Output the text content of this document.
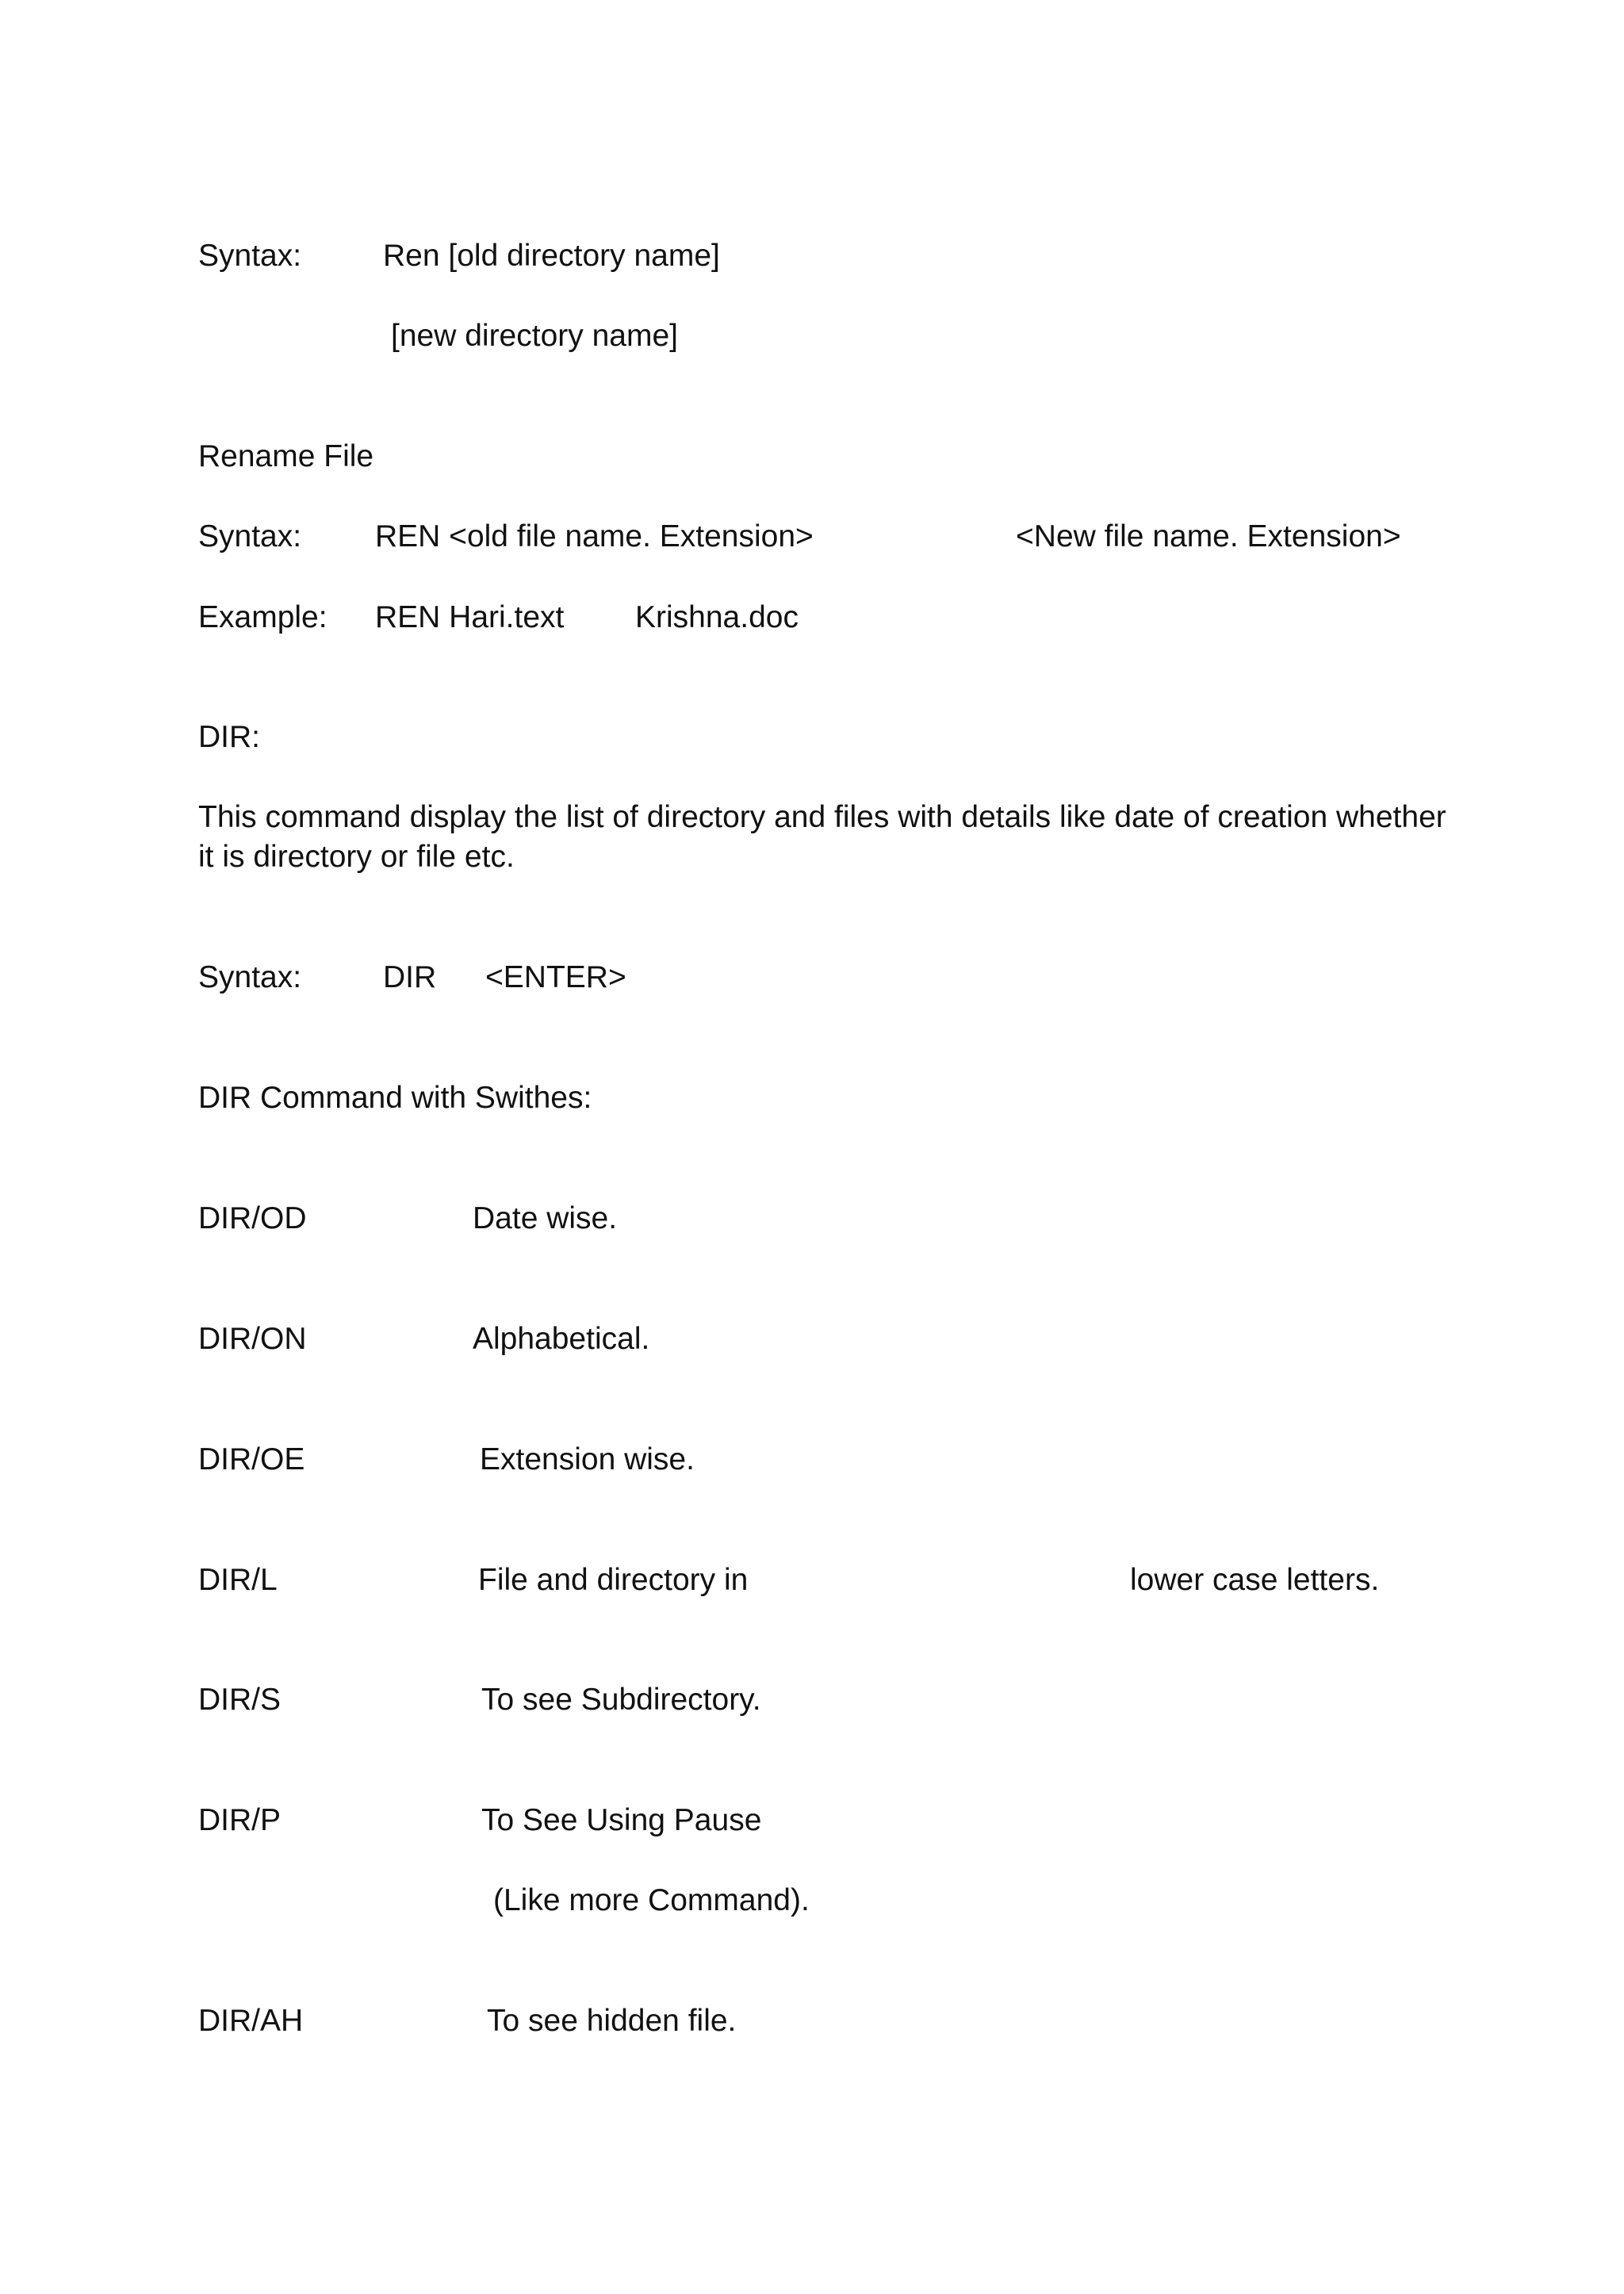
Syntax:	Ren [old directory name]

[new directory name]

Rename File

Syntax: REN <old file name. Extension>	<New file name. Extension>

Example: REN Hari.text Krishna.doc

DIR:

This command display the list of directory and files with details like date of creation whether it is directory or file etc.

Syntax:	DIR <ENTER>

DIR Command with Swithes:

DIR/OD	Date wise.

DIR/ON	Alphabetical.

DIR/OE	Extension wise.

DIR/L	File and directory in	lower case letters.

DIR/S	To see Subdirectory.

DIR/P	To See Using Pause

(Like more Command).

DIR/AH	To see hidden file.
